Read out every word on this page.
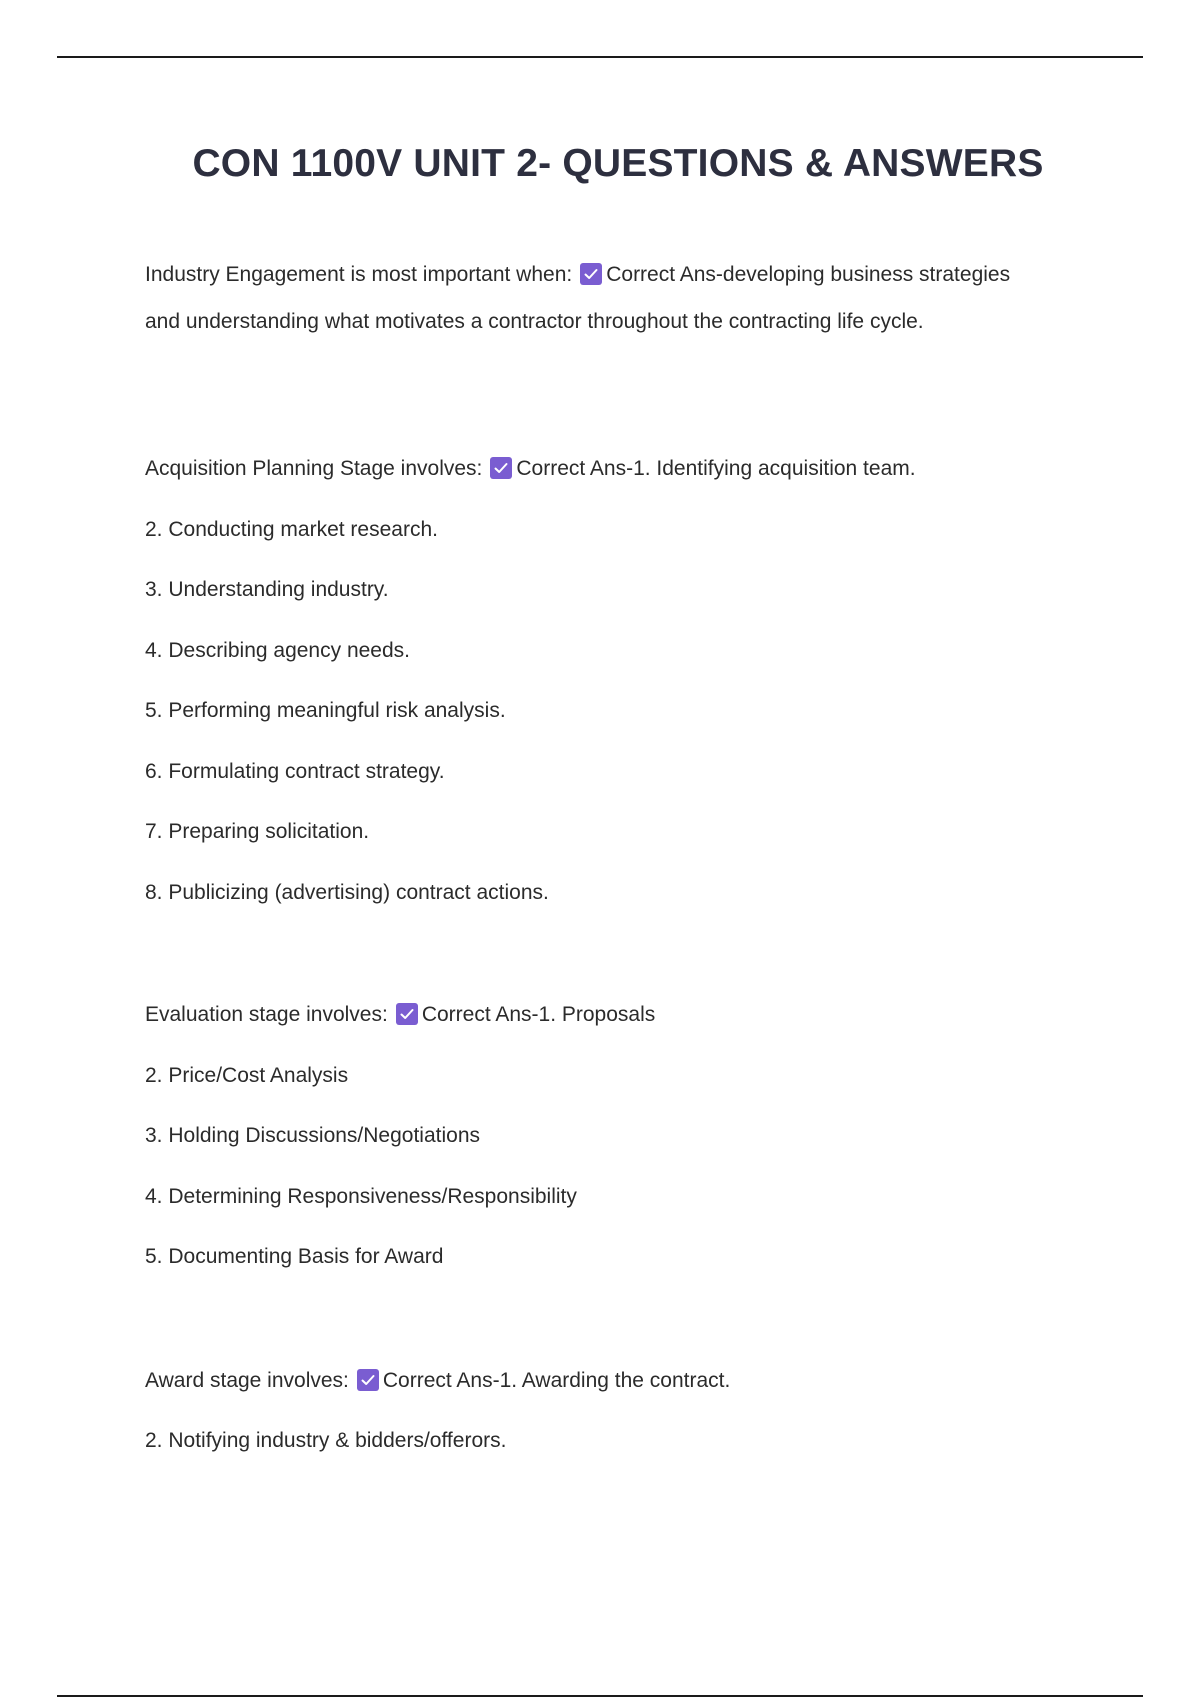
CON 1100V UNIT 2- QUESTIONS & ANSWERS
Industry Engagement is most important when: Correct Ans-developing business strategies
and understanding what motivates a contractor throughout the contracting life cycle.
Acquisition Planning Stage involves: Correct Ans-1. Identifying acquisition team.
2. Conducting market research.
3. Understanding industry.
4. Describing agency needs.
5. Performing meaningful risk analysis.
6. Formulating contract strategy.
7. Preparing solicitation.
8. Publicizing (advertising) contract actions.
Evaluation stage involves: Correct Ans-1. Proposals
2. Price/Cost Analysis
3. Holding Discussions/Negotiations
4. Determining Responsiveness/Responsibility
5. Documenting Basis for Award
Award stage involves: Correct Ans-1. Awarding the contract.
2. Notifying industry & bidders/offerors.
